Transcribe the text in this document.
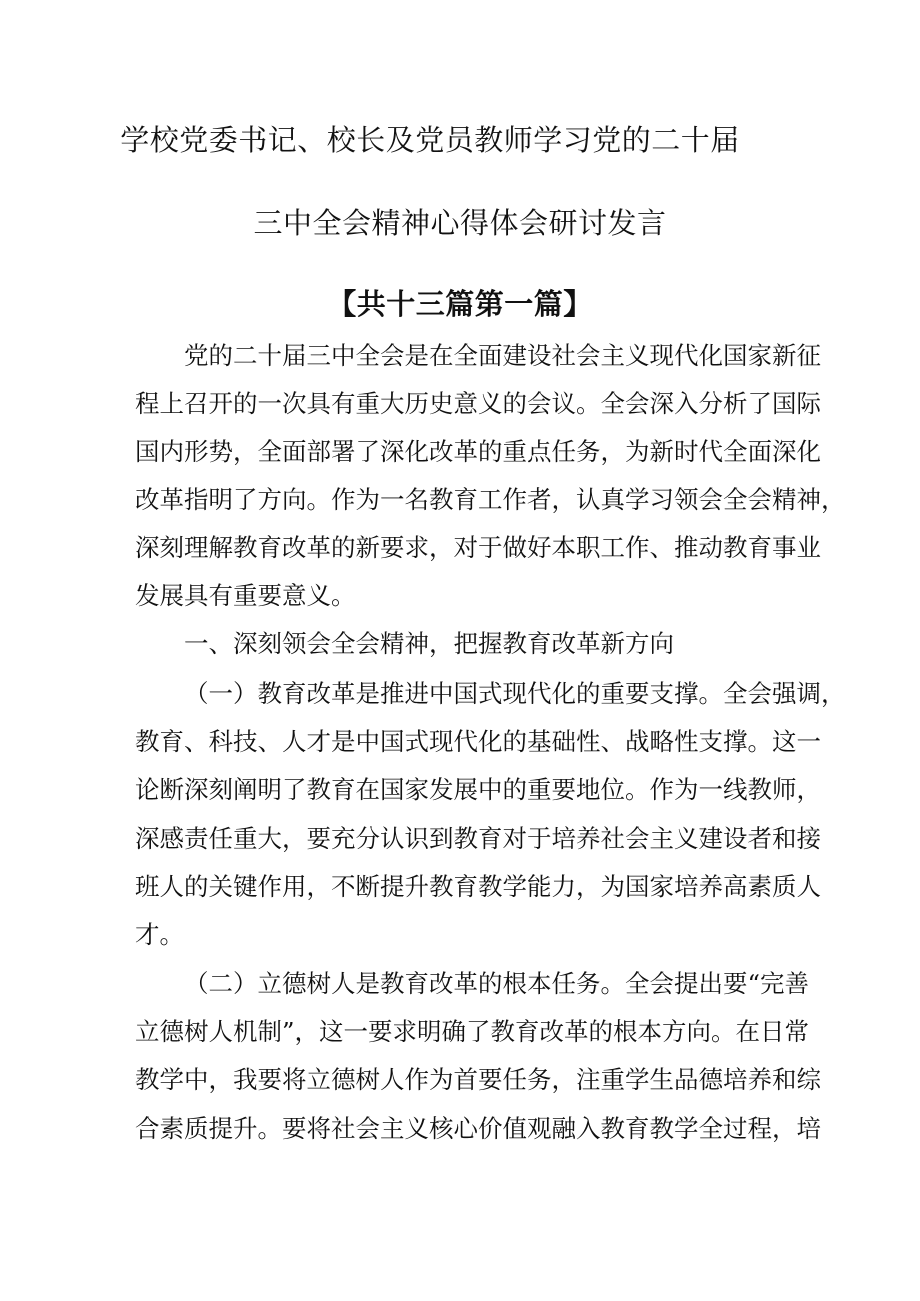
学校党委书记、校长及党员教师学习党的二十届
三中全会精神心得体会研讨发言
【共十三篇第一篇】
党的二十届三中全会是在全面建设社会主义现代化国家新征
程上召开的一次具有重大历史意义的会议。全会深入分析了国际
国内形势，全面部署了深化改革的重点任务，为新时代全面深化
改革指明了方向。作为一名教育工作者，认真学习领会全会精神，
深刻理解教育改革的新要求，对于做好本职工作、推动教育事业
发展具有重要意义。
一、深刻领会全会精神，把握教育改革新方向
（一）教育改革是推进中国式现代化的重要支撑。全会强调，
教育、科技、人才是中国式现代化的基础性、战略性支撑。这一
论断深刻阐明了教育在国家发展中的重要地位。作为一线教师，
深感责任重大，要充分认识到教育对于培养社会主义建设者和接
班人的关键作用，不断提升教育教学能力，为国家培养高素质人
才。
（二）立德树人是教育改革的根本任务。全会提出要“完善
立德树人机制”，这一要求明确了教育改革的根本方向。在日常
教学中，我要将立德树人作为首要任务，注重学生品德培养和综
合素质提升。要将社会主义核心价值观融入教育教学全过程，培
